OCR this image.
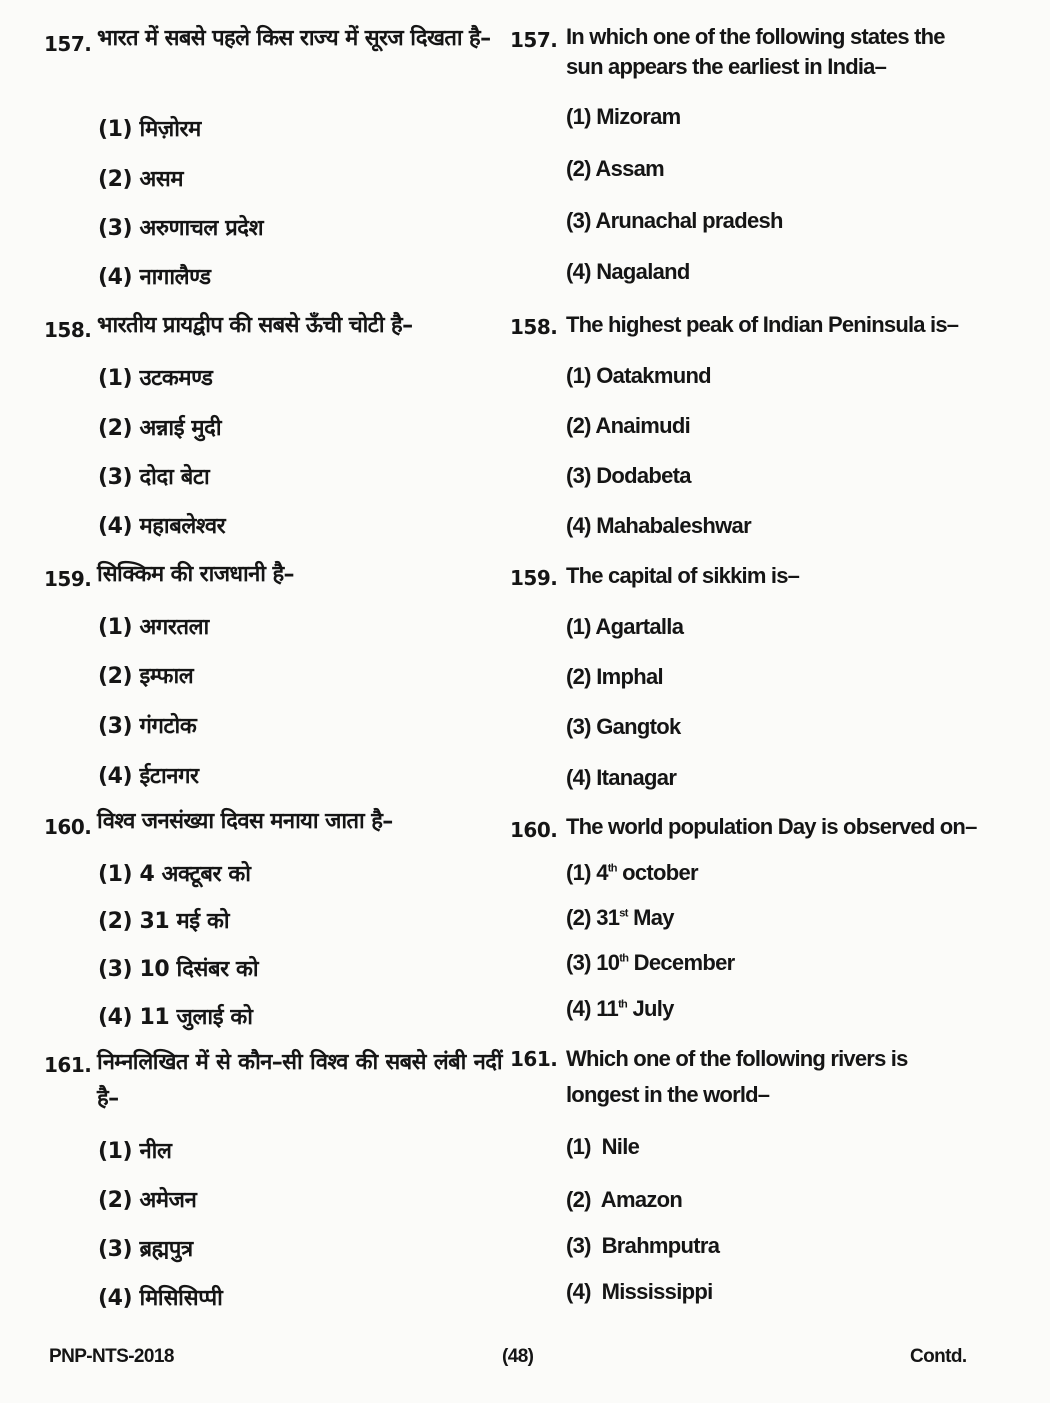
157. भारत में सबसे पहले किस राज्य में सूरज दिखता है– 157. In which one of the following states the sun appears the earliest in India–
(1) मिज़ोरम
(2) असम
(3) अरुणाचल प्रदेश
(4) नागालैण्ड
(1) Mizoram
(2) Assam
(3) Arunachal pradesh
(4) Nagaland
158. भारतीय प्रायद्वीप की सबसे ऊँची चोटी है–	158. The highest peak of Indian Peninsula is–
(1) उटकमण्ड
(2) अन्नाई मुदी
(3) दोदा बेटा
(4) महाबलेश्वर
(1) Oatakmund
(2) Anaimudi
(3) Dodabeta
(4) Mahabaleshwar
159. सिक्किम की राजधानी है–	159. The capital of sikkim is–
(1) अगरतला
(2) इम्फाल
(3) गंगटोक
(4) ईटानगर
(1) Agartalla
(2) Imphal
(3) Gangtok
(4) Itanagar
160. विश्व जनसंख्या दिवस मनाया जाता है–	160. The world population Day is observed on–
(1) 4 अक्टूबर को
(2) 31 मई को
(3) 10 दिसंबर को
(4) 11 जुलाई को
(1) 4th october
(2) 31st May
(3) 10th December
(4) 11th July
161. निम्नलिखित में से कौन–सी विश्व की सबसे लंबी नदीं है–
161. Which one of the following rivers is longest in the world–
(1) नील
(2) अमेजन
(3) ब्रह्मपुत्र
(4) मिसिसिप्पी
(1)  Nile
(2)  Amazon
(3)  Brahmputra
(4)  Mississippi
PNP-NTS-2018	(48)	Contd.
